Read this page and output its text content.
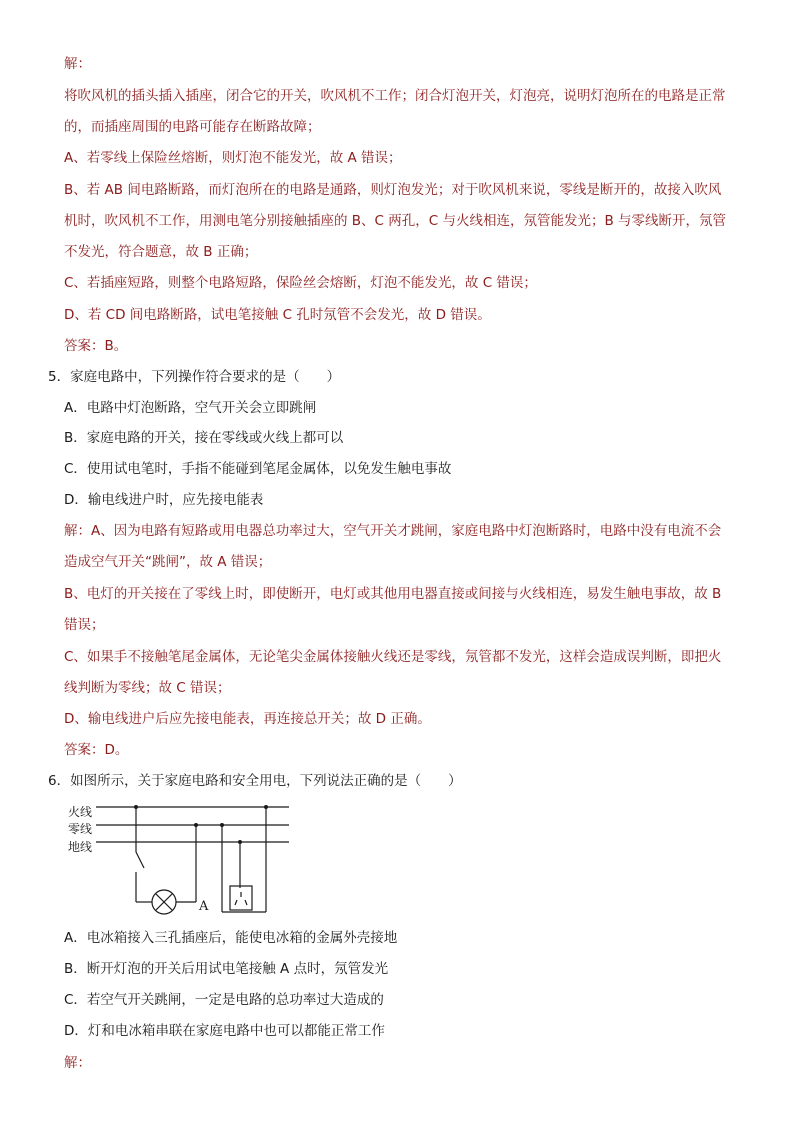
解：
将吹风机的插头插入插座，闭合它的开关，吹风机不工作；闭合灯泡开关，灯泡亮，说明灯泡所在的电路是正常
的，而插座周围的电路可能存在断路故障；
A、若零线上保险丝熔断，则灯泡不能发光，故 A 错误；
B、若 AB 间电路断路，而灯泡所在的电路是通路，则灯泡发光；对于吹风机来说，零线是断开的，故接入吹风
机时，吹风机不工作，用测电笔分别接触插座的 B、C 两孔，C 与火线相连，氖管能发光；B 与零线断开，氖管
不发光，符合题意，故 B 正确；
C、若插座短路，则整个电路短路，保险丝会熔断，灯泡不能发光，故 C 错误；
D、若 CD 间电路断路，试电笔接触 C 孔时氖管不会发光，故 D 错误。
答案：B。
5．家庭电路中，下列操作符合要求的是（　　）
A．电路中灯泡断路，空气开关会立即跳闸
B．家庭电路的开关，接在零线或火线上都可以
C．使用试电笔时，手指不能碰到笔尾金属体，以免发生触电事故
D．输电线进户时，应先接电能表
解：A、因为电路有短路或用电器总功率过大，空气开关才跳闸，家庭电路中灯泡断路时，电路中没有电流不会
造成空气开关“跳闸”，故 A 错误；
B、电灯的开关接在了零线上时，即使断开，电灯或其他用电器直接或间接与火线相连，易发生触电事故，故 B
错误；
C、如果手不接触笔尾金属体，无论笔尖金属体接触火线还是零线，氖管都不发光，这样会造成误判断，即把火
线判断为零线；故 C 错误；
D、输电线进户后应先接电能表，再连接总开关；故 D 正确。
答案：D。
6．如图所示，关于家庭电路和安全用电，下列说法正确的是（　　）
火线
零线
地线
A
A．电冰箱接入三孔插座后，能使电冰箱的金属外壳接地
B．断开灯泡的开关后用试电笔接触 A 点时，氖管发光
C．若空气开关跳闸，一定是电路的总功率过大造成的
D．灯和电冰箱串联在家庭电路中也可以都能正常工作
解：
